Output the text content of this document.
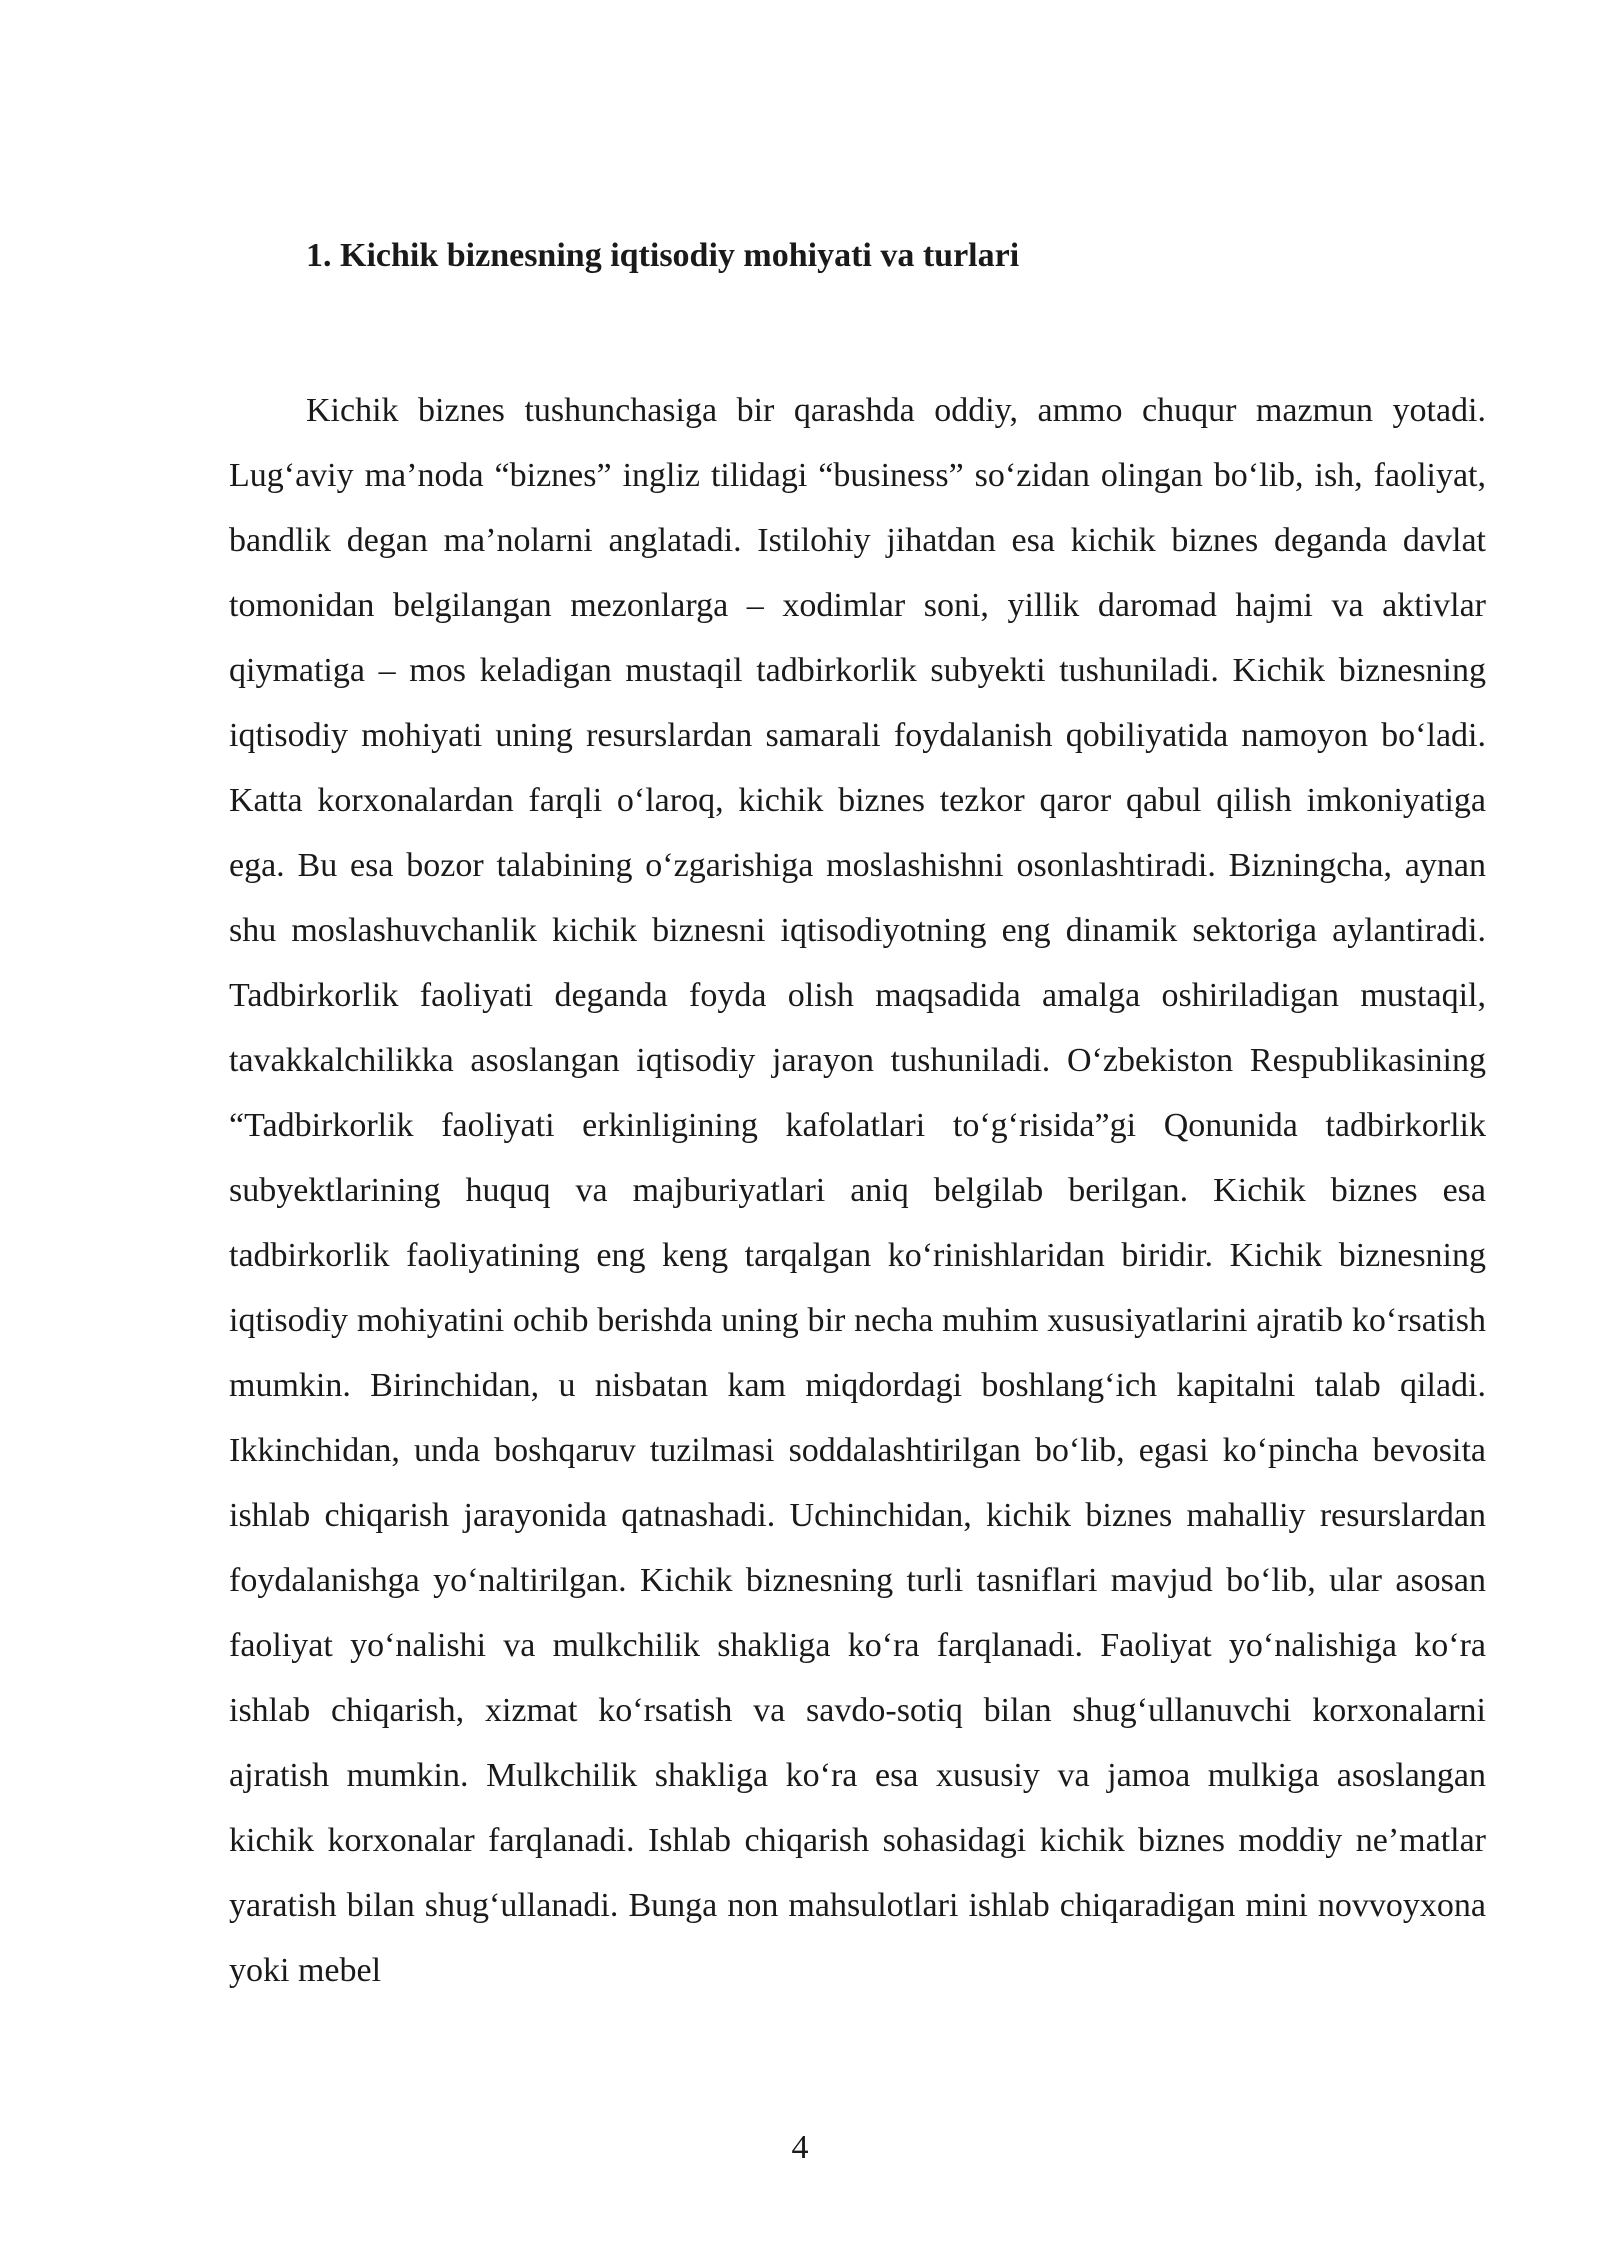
1. Kichik biznesning iqtisodiy mohiyati va turlari

Kichik biznes tushunchasiga bir qarashda oddiy, ammo chuqur mazmun yotadi. Lug‘aviy ma’noda “biznes” ingliz tilidagi “business” so‘zidan olingan bo‘lib, ish, faoliyat, bandlik degan ma’nolarni anglatadi. Istilohiy jihatdan esa kichik biznes deganda davlat tomonidan belgilangan mezonlarga – xodimlar soni, yillik daromad hajmi va aktivlar qiymatiga – mos keladigan mustaqil tadbirkorlik subyekti tushuniladi. Kichik biznesning iqtisodiy mohiyati uning resurslardan samarali foydalanish qobiliyatida namoyon bo‘ladi. Katta korxonalardan farqli o‘laroq, kichik biznes tezkor qaror qabul qilish imkoniyatiga ega. Bu esa bozor talabining o‘zgarishiga moslashishni osonlashtiradi. Bizningcha, aynan shu moslashuvchanlik kichik biznesni iqtisodiyotning eng dinamik sektoriga aylantiradi. Tadbirkorlik faoliyati deganda foyda olish maqsadida amalga oshiriladigan mustaqil, tavakkalchilikka asoslangan iqtisodiy jarayon tushuniladi. O‘zbekiston Respublikasining “Tadbirkorlik faoliyati erkinligining kafolatlari to‘g‘risida”gi Qonunida tadbirkorlik subyektlarining huquq va majburiyatlari aniq belgilab berilgan. Kichik biznes esa tadbirkorlik faoliyatining eng keng tarqalgan ko‘rinishlaridan biridir. Kichik biznesning iqtisodiy mohiyatini ochib berishda uning bir necha muhim xususiyatlarini ajratib ko‘rsatish mumkin. Birinchidan, u nisbatan kam miqdordagi boshlang‘ich kapitalni talab qiladi. Ikkinchidan, unda boshqaruv tuzilmasi soddalashtirilgan bo‘lib, egasi ko‘pincha bevosita ishlab chiqarish jarayonida qatnashadi. Uchinchidan, kichik biznes mahalliy resurslardan foydalanishga yo‘naltirilgan. Kichik biznesning turli tasniflari mavjud bo‘lib, ular asosan faoliyat yo‘nalishi va mulkchilik shakliga ko‘ra farqlanadi. Faoliyat yo‘nalishiga ko‘ra ishlab chiqarish, xizmat ko‘rsatish va savdo-sotiq bilan shug‘ullanuvchi korxonalarni ajratish mumkin. Mulkchilik shakliga ko‘ra esa xususiy va jamoa mulkiga asoslangan kichik korxonalar farqlanadi. Ishlab chiqarish sohasidagi kichik biznes moddiy ne’matlar yaratish bilan shug‘ullanadi. Bunga non mahsulotlari ishlab chiqaradigan mini novvoyxona yoki mebel

4
